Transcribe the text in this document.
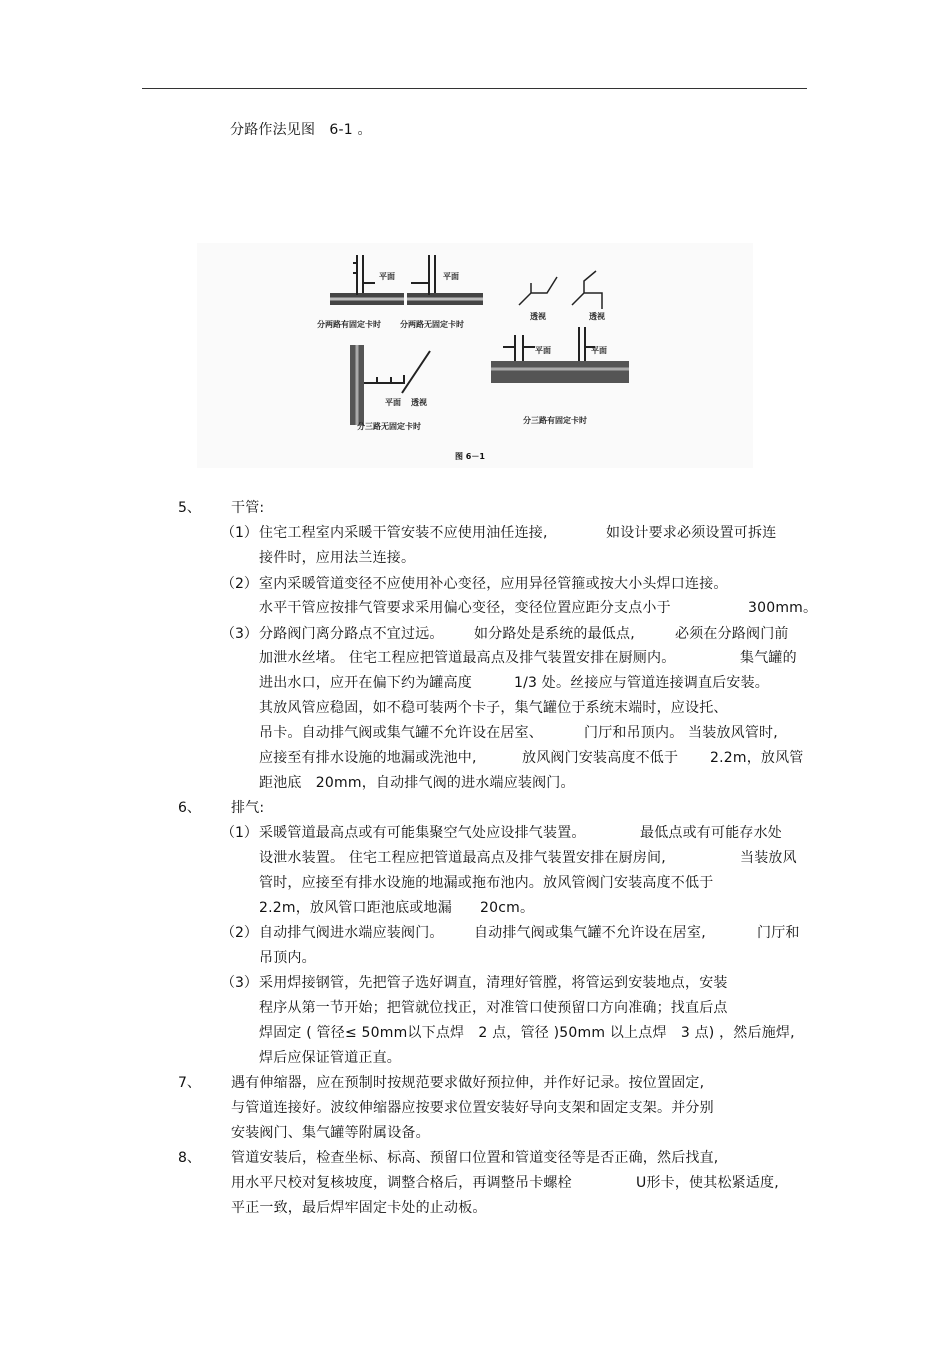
分路作法见图　6-1 。
平面	平面
分两路有固定卡时 分两路无固定卡时
透视	透视
平面	平面
分三路有固定卡时
平面 透视
分三路无固定卡时
图 6－1
5、 干管:
（1） 住宅工程室内采暖干管安装不应使用油任连接,	如设计要求必须设置可拆连
接件时，应用法兰连接。
（2） 室内采暖管道变径不应使用补心变径，应用异径管箍或按大小头焊口连接。
水平干管应按排气管要求采用偏心变径，变径位置应距分支点小于	300mm。
（3） 分路阀门离分路点不宜过远。 如分路处是系统的最低点,	必须在分路阀门前
加泄水丝堵。 住宅工程应把管道最高点及排气装置安排在厨厕内。	集气罐的
进出水口，应开在偏下约为罐高度	1/3 处。丝接应与管道连接调直后安装。
其放风管应稳固，如不稳可装两个卡子，集气罐位于系统末端时，应设托、
吊卡。自动排气阀或集气罐不允许设在居室、	门厅和吊顶内。 当装放风管时,
应接至有排水设施的地漏或洗池中,	放风阀门安装高度不低于 2.2m，放风管
距池底　20mm，自动排气阀的进水端应装阀门。
6、 排气:
（1） 采暖管道最高点或有可能集聚空气处应设排气装置。	最低点或有可能存水处
设泄水装置。 住宅工程应把管道最高点及排气装置安排在厨房间,	当装放风
管时，应接至有排水设施的地漏或拖布池内。放风管阀门安装高度不低于
2.2m，放风管口距池底或地漏 20cm。
（2） 自动排气阀进水端应装阀门。 自动排气阀或集气罐不允许设在居室,	门厅和
吊顶内。
（3） 采用焊接钢管，先把管子选好调直，清理好管膛，将管运到安装地点，安装
程序从第一节开始；把管就位找正，对准管口使预留口方向准确；找直后点
焊固定 ( 管径≤ 50mm以下点焊　2 点，管径 )50mm 以上点焊　3 点) ，然后施焊,
焊后应保证管道正直。
7、 遇有伸缩器，应在预制时按规范要求做好预拉伸，并作好记录。按位置固定,
与管道连接好。波纹伸缩器应按要求位置安装好导向支架和固定支架。并分别
安装阀门、集气罐等附属设备。
8、 管道安装后，检查坐标、标高、预留口位置和管道变径等是否正确，然后找直,
用水平尺校对复核坡度，调整合格后，再调整吊卡螺栓	U形卡，使其松紧适度,
平正一致，最后焊牢固定卡处的止动板。
